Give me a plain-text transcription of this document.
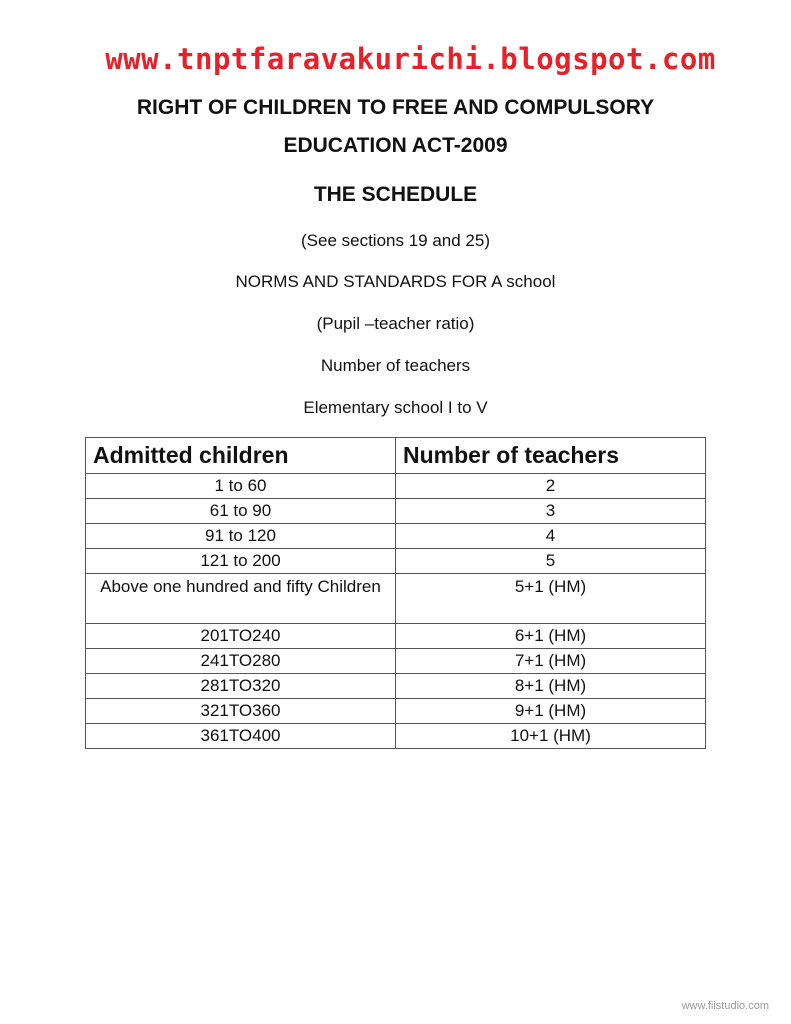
www.tnptfaravakurichi.blogspot.com
RIGHT OF CHILDREN TO FREE AND COMPULSORY
EDUCATION ACT-2009
THE SCHEDULE
(See sections 19 and 25)
NORMS AND STANDARDS FOR A school
(Pupil –teacher ratio)
Number of teachers
Elementary school I to V
Admitted children	Number of teachers
1 to 60	2
61 to 90	3
91 to 120	4
121 to 200	5
Above one hundred and fifty Children	5+1 (HM)
201TO240	6+1 (HM)
241TO280	7+1 (HM)
281TO320	8+1 (HM)
321TO360	9+1 (HM)
361TO400	10+1 (HM)
www.fiistudio.com
